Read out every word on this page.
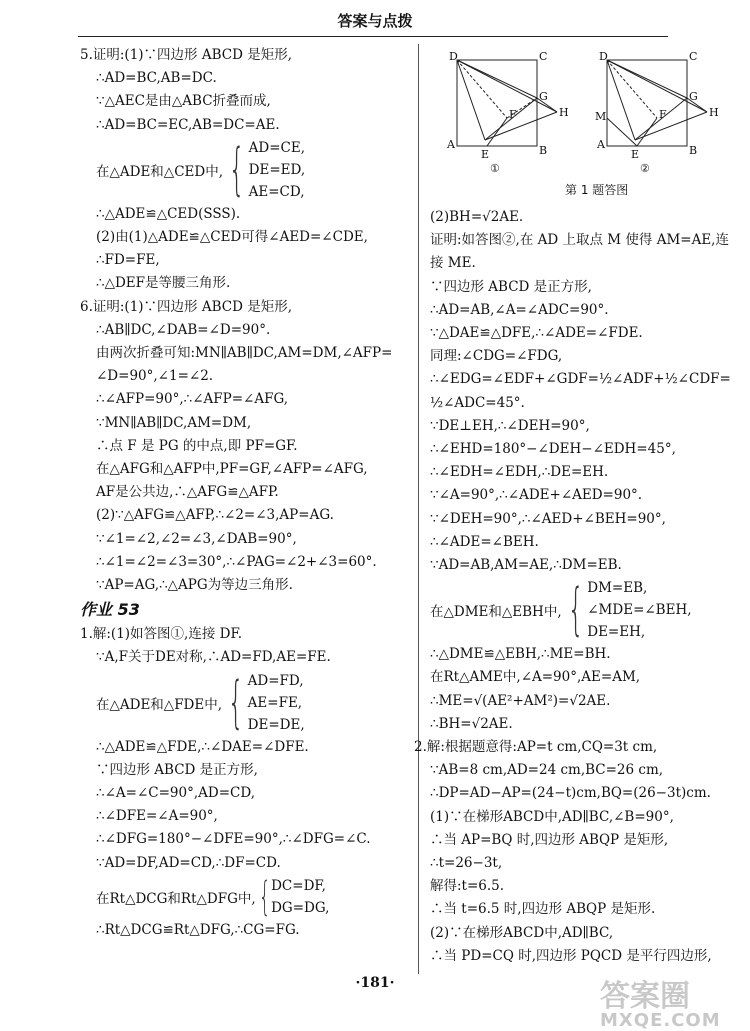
答案与点拨
5.证明:(1)∵四边形 ABCD 是矩形,
∴AD=BC,AB=DC.
∵△AEC是由△ABC折叠而成,
∴AD=BC=EC,AB=DC=AE.
在△ADE和△CED中, { AD=CE,
DE=ED,
AE=CD,
∴△ADE≌△CED(SSS).
(2)由(1)△ADE≌△CED可得∠AED=∠CDE,
∴FD=FE,
∴△DEF是等腰三角形.
6.证明:(1)∵四边形 ABCD 是矩形,
∴AB∥DC,∠DAB=∠D=90°.
由两次折叠可知:MN∥AB∥DC,AM=DM,∠AFP=
∠D=90°,∠1=∠2.
∴∠AFP=90°,∴∠AFP=∠AFG,
∵MN∥AB∥DC,AM=DM,
∴点 F 是 PG 的中点,即 PF=GF.
在△AFG和△AFP中,PF=GF,∠AFP=∠AFG,
AF是公共边,∴△AFG≌△AFP.
(2)∵△AFG≌△AFP,∴∠2=∠3,AP=AG.
∵∠1=∠2,∠2=∠3,∠DAB=90°,
∴∠1=∠2=∠3=30°,∴∠PAG=∠2+∠3=60°.
∵AP=AG,∴△APG为等边三角形.
作业 53
1.解:(1)如答图①,连接 DF.
∵A,F关于DE对称,∴AD=FD,AE=FE.
在△ADE和△FDE中, { AD=FD,
AE=FE,
DE=DE,
∴△ADE≌△FDE,∴∠DAE=∠DFE.
∵四边形 ABCD 是正方形,
∴∠A=∠C=90°,AD=CD,
∴∠DFE=∠A=90°,
∴∠DFG=180°−∠DFE=90°,∴∠DFG=∠C.
∵AD=DF,AD=CD,∴DF=CD.
在Rt△DCG和Rt△DFG中, { DC=DF,
DG=DG,
∴Rt△DCG≌Rt△DFG,∴CG=FG.
D	C
G
F	H
A
E	B
①
D	C
G
F	H
A
E	B
M
②
第 1 题答图
(2)BH=√2AE.
证明:如答图②,在 AD 上取点 M 使得 AM=AE,连
接 ME.
∵四边形 ABCD 是正方形,
∴AD=AB,∠A=∠ADC=90°.
∵△DAE≌△DFE,∴∠ADE=∠FDE.
同理:∠CDG=∠FDG,
∴∠EDG=∠EDF+∠GDF=½∠ADF+½∠CDF=
½∠ADC=45°.
∵DE⊥EH,∴∠DEH=90°,
∴∠EHD=180°−∠DEH−∠EDH=45°,
∴∠EDH=∠EDH,∴DE=EH.
∵∠A=90°,∴∠ADE+∠AED=90°.
∵∠DEH=90°,∴∠AED+∠BEH=90°,
∴∠ADE=∠BEH.
∵AD=AB,AM=AE,∴DM=EB.
在△DME和△EBH中, { DM=EB,
∠MDE=∠BEH,
DE=EH,
∴△DME≌△EBH,∴ME=BH.
在Rt△AME中,∠A=90°,AE=AM,
∴ME=√(AE²+AM²)=√2AE.
∴BH=√2AE.
2.解:根据题意得:AP=t cm,CQ=3t cm,
∵AB=8 cm,AD=24 cm,BC=26 cm,
∴DP=AD−AP=(24−t)cm,BQ=(26−3t)cm.
(1)∵在梯形ABCD中,AD∥BC,∠B=90°,
∴当 AP=BQ 时,四边形 ABQP 是矩形,
∴t=26−3t,
解得:t=6.5.
∴当 t=6.5 时,四边形 ABQP 是矩形.
(2)∵在梯形ABCD中,AD∥BC,
∴当 PD=CQ 时,四边形 PQCD 是平行四边形,
·181·	答案圈
MXQE.COM
